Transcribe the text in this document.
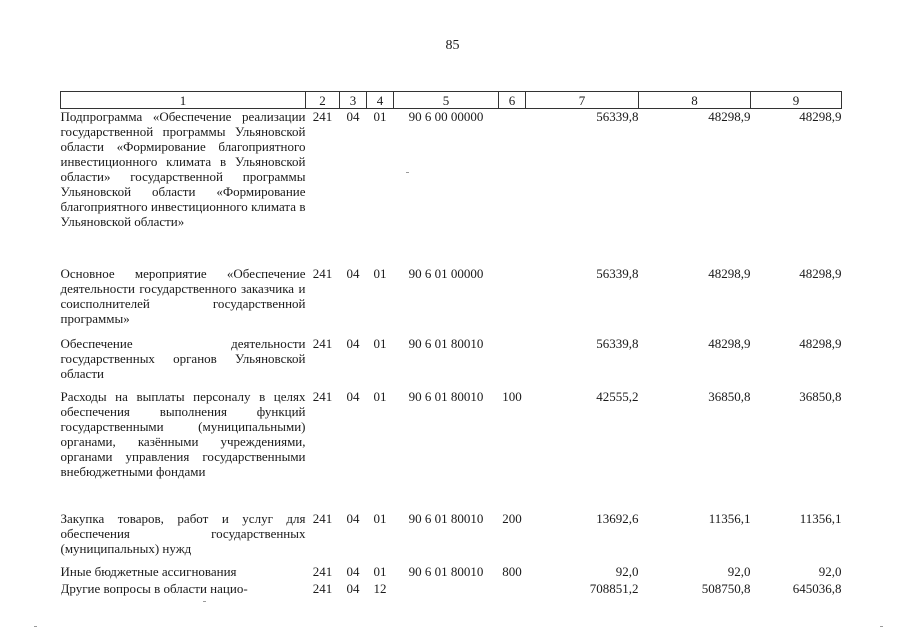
85
1	2	3	4	5	6	7	8	9
Подпрограмма «Обеспечение реализации государственной программы Ульяновской области «Формирование благоприятного инвестиционного климата в Ульяновской области» государственной программы Ульяновской области «Формирование благоприятного инвестиционного климата в Ульяновской области»	241	04	01	90 6 00 00000		56339,8	48298,9	48298,9
Основное мероприятие «Обеспечение деятельности государственного заказчика и соисполнителей государственной программы»	241	04	01	90 6 01 00000		56339,8	48298,9	48298,9
Обеспечение деятельности государственных органов Ульяновской области	241	04	01	90 6 01 80010		56339,8	48298,9	48298,9
Расходы на выплаты персоналу в целях обеспечения выполнения функций государственными (муниципальными) органами, казёнными учреждениями, органами управления государственными внебюджетными фондами	241	04	01	90 6 01 80010	100	42555,2	36850,8	36850,8
Закупка товаров, работ и услуг для обеспечения государственных (муниципальных) нужд	241	04	01	90 6 01 80010	200	13692,6	11356,1	11356,1
Иные бюджетные ассигнования	241	04	01	90 6 01 80010	800	92,0	92,0	92,0
Другие вопросы в области нацио-	241	04	12			708851,2	508750,8	645036,8
